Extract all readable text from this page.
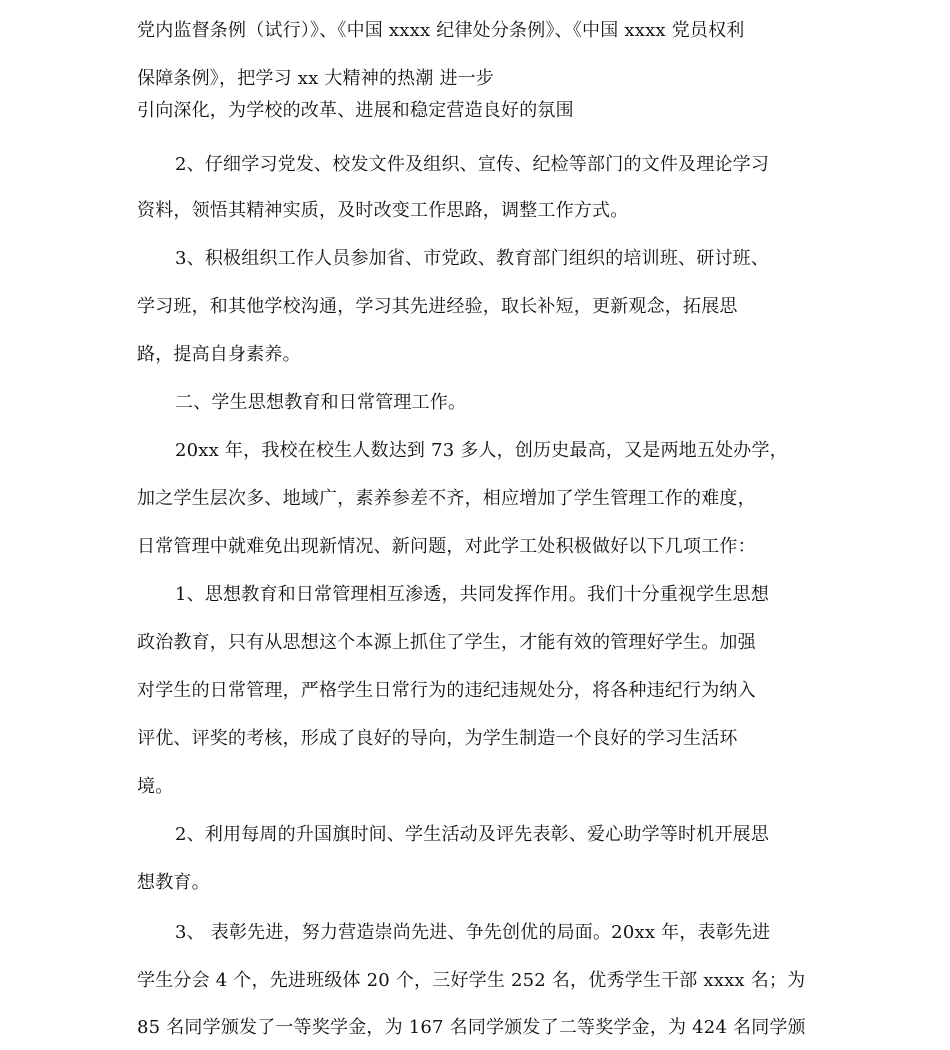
党内监督条例（试行）》、《中国 xxxx 纪律处分条例》、《中国 xxxx 党员权利
保障条例》，把学习 xx 大精神的热潮 进一步
引向深化，为学校的改革、进展和稳定营造良好的氛围
2、仔细学习党发、校发文件及组织、宣传、纪检等部门的文件及理论学习
资料，领悟其精神实质，及时改变工作思路，调整工作方式。
3、积极组织工作人员参加省、市党政、教育部门组织的培训班、研讨班、
学习班，和其他学校沟通，学习其先进经验，取长补短，更新观念，拓展思
路，提高自身素养。
二、学生思想教育和日常管理工作。
20xx 年，我校在校生人数达到 73 多人，创历史最高，又是两地五处办学，
加之学生层次多、地域广，素养参差不齐，相应增加了学生管理工作的难度，
日常管理中就难免出现新情况、新问题，对此学工处积极做好以下几项工作：
1、思想教育和日常管理相互渗透，共同发挥作用。我们十分重视学生思想
政治教育，只有从思想这个本源上抓住了学生，才能有效的管理好学生。加强
对学生的日常管理，严格学生日常行为的违纪违规处分，将各种违纪行为纳入
评优、评奖的考核，形成了良好的导向，为学生制造一个良好的学习生活环
境。
2、利用每周的升国旗时间、学生活动及评先表彰、爱心助学等时机开展思
想教育。
3、 表彰先进，努力营造崇尚先进、争先创优的局面。20xx 年，表彰先进
学生分会 4 个，先进班级体 20 个，三好学生 252 名，优秀学生干部 xxxx 名；为
85 名同学颁发了一等奖学金，为 167 名同学颁发了二等奖学金，为 424 名同学颁
